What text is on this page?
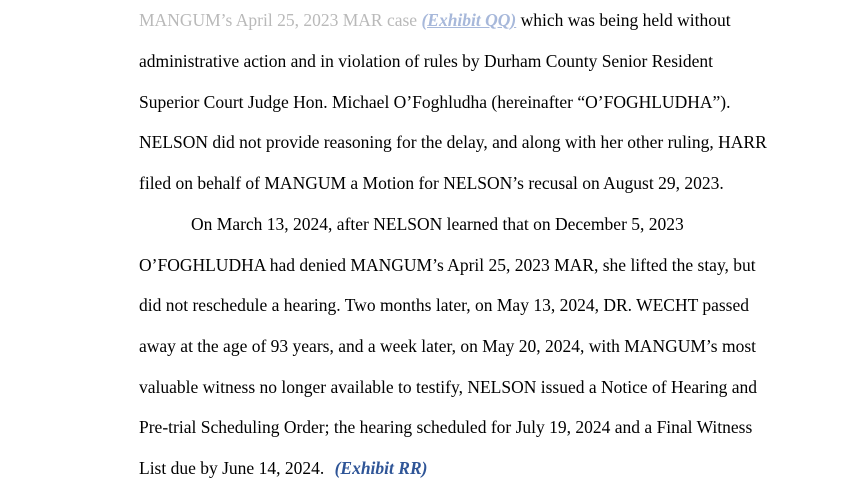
MANGUM’s April 25, 2023 MAR case (Exhibit QQ) which was being held without
administrative action and in violation of rules by Durham County Senior Resident
Superior Court Judge Hon. Michael O’Foghludha (hereinafter “O’FOGHLUDHA”).
NELSON did not provide reasoning for the delay, and along with her other ruling, HARR
filed on behalf of MANGUM a Motion for NELSON’s recusal on August 29, 2023.
On March 13, 2024, after NELSON learned that on December 5, 2023
O’FOGHLUDHA had denied MANGUM’s April 25, 2023 MAR, she lifted the stay, but
did not reschedule a hearing. Two months later, on May 13, 2024, DR. WECHT passed
away at the age of 93 years, and a week later, on May 20, 2024, with MANGUM’s most
valuable witness no longer available to testify, NELSON issued a Notice of Hearing and
Pre-trial Scheduling Order; the hearing scheduled for July 19, 2024 and a Final Witness
List due by June 14, 2024. (Exhibit RR)
